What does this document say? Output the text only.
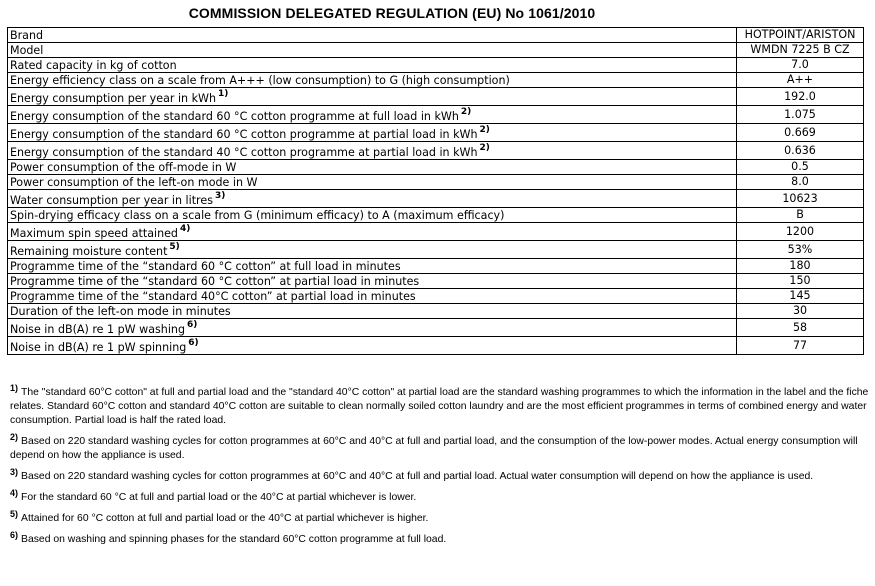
COMMISSION DELEGATED REGULATION (EU) No 1061/2010
Brand	HOTPOINT/ARISTON
Model	WMDN 7225 B CZ
Rated capacity in kg of cotton	7.0
Energy efficiency class on a scale from A+++ (low consumption) to G (high consumption)	A++
Energy consumption per year in kWh $^{1)}$	192.0
Energy consumption of the standard 60 °C cotton programme at full load in kWh $^{2)}$	1.075
Energy consumption of the standard 60 °C cotton programme at partial load in kWh $^{2)}$	0.669
Energy consumption of the standard 40 °C cotton programme at partial load in kWh $^{2)}$	0.636
Power consumption of the off-mode in W	0.5
Power consumption of the left-on mode in W	8.0
Water consumption per year in litres $^{3)}$	10623
Spin-drying efficacy class on a scale from G (minimum efficacy) to A (maximum efficacy)	B
Maximum spin speed attained $^{4)}$	1200
Remaining moisture content $^{5)}$	53%
Programme time of the “standard 60 °C cotton” at full load in minutes	180
Programme time of the “standard 60 °C cotton” at partial load in minutes	150
Programme time of the “standard 40°C cotton” at partial load in minutes	145
Duration of the left-on mode in minutes	30
Noise in dB(A) re 1 pW washing $^{6)}$	58
Noise in dB(A) re 1 pW spinning $^{6)}$	77
$^{1)}$ The "standard 60°C cotton" at full and partial load and the "standard 40°C cotton" at partial load are the standard washing programmes to which the information in the label and the fiche relates. Standard 60°C cotton and standard 40°C cotton are suitable to clean normally soiled cotton laundry and are the most efficient programmes in terms of combined energy and water consumption. Partial load is half the rated load.
$^{2)}$ Based on 220 standard washing cycles for cotton programmes at 60°C and 40°C at full and partial load, and the consumption of the low-power modes. Actual energy consumption will depend on how the appliance is used.
$^{3)}$ Based on 220 standard washing cycles for cotton programmes at 60°C and 40°C at full and partial load. Actual water consumption will depend on how the appliance is used.
$^{4)}$ For the standard 60 °C at full and partial load or the 40°C at partial whichever is lower.
$^{5)}$ Attained for 60 °C cotton at full and partial load or the 40°C at partial whichever is higher.
$^{6)}$ Based on washing and spinning phases for the standard 60°C cotton programme at full load.
